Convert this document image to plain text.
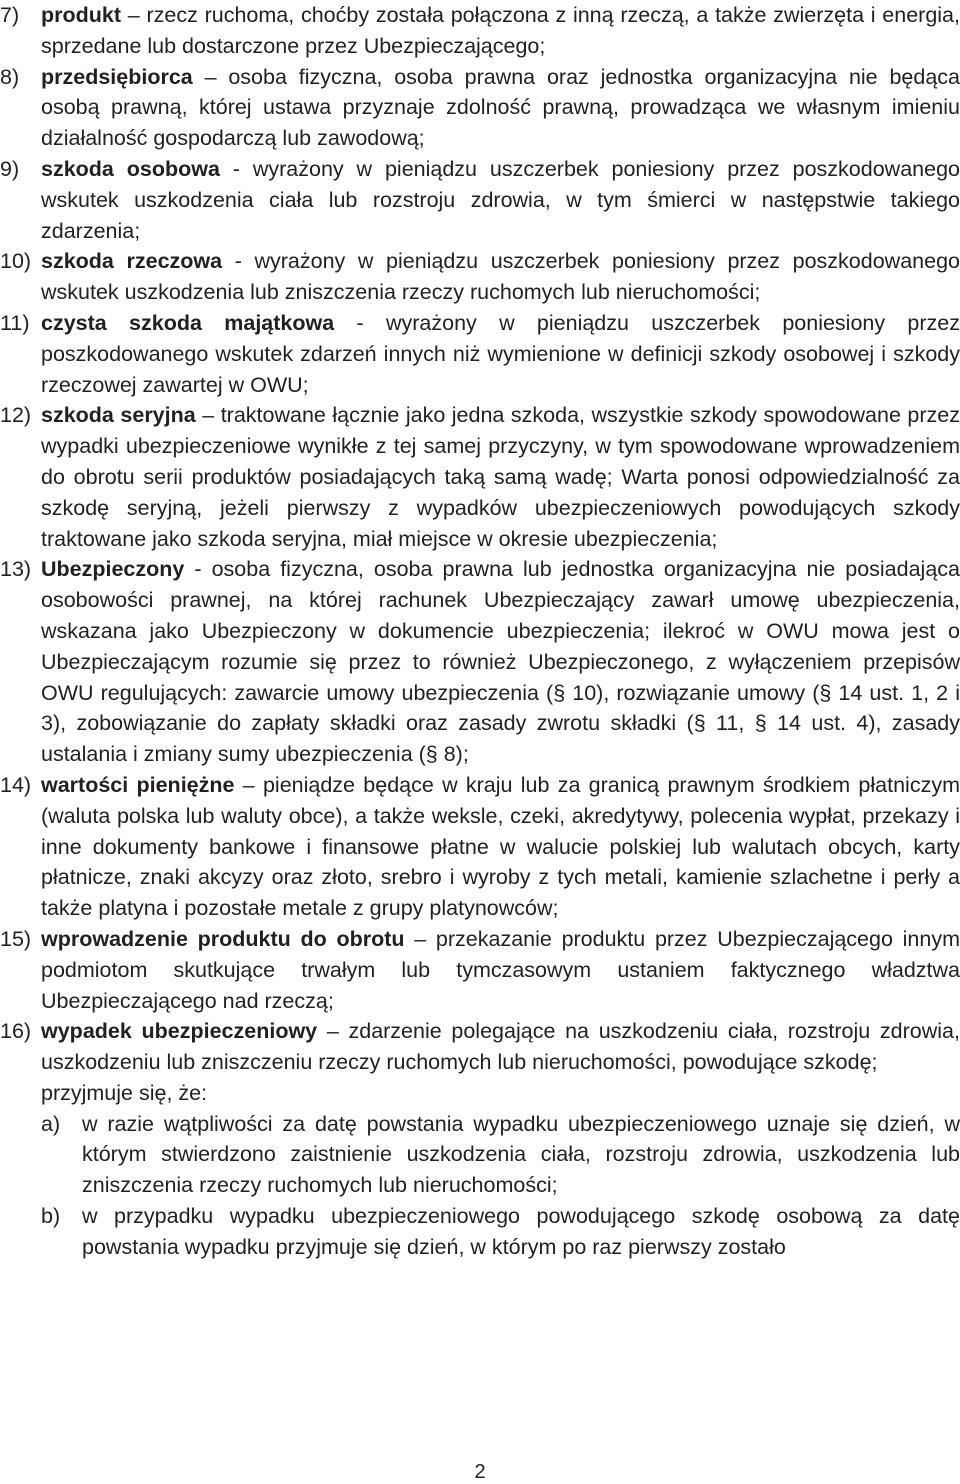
7) produkt – rzecz ruchoma, choćby została połączona z inną rzeczą, a także zwierzęta i energia, sprzedane lub dostarczone przez Ubezpieczającego;
8) przedsiębiorca – osoba fizyczna, osoba prawna oraz jednostka organizacyjna nie będąca osobą prawną, której ustawa przyznaje zdolność prawną, prowadząca we własnym imieniu działalność gospodarczą lub zawodową;
9) szkoda osobowa - wyrażony w pieniądzu uszczerbek poniesiony przez poszkodowanego wskutek uszkodzenia ciała lub rozstroju zdrowia, w tym śmierci w następstwie takiego zdarzenia;
10) szkoda rzeczowa - wyrażony w pieniądzu uszczerbek poniesiony przez poszkodowanego wskutek uszkodzenia lub zniszczenia rzeczy ruchomych lub nieruchomości;
11) czysta szkoda majątkowa - wyrażony w pieniądzu uszczerbek poniesiony przez poszkodowanego wskutek zdarzeń innych niż wymienione w definicji szkody osobowej i szkody rzeczowej zawartej w OWU;
12) szkoda seryjna – traktowane łącznie jako jedna szkoda, wszystkie szkody spowodowane przez wypadki ubezpieczeniowe wynikłe z tej samej przyczyny, w tym spowodowane wprowadzeniem do obrotu serii produktów posiadających taką samą wadę; Warta ponosi odpowiedzialność za szkodę seryjną, jeżeli pierwszy z wypadków ubezpieczeniowych powodujących szkody traktowane jako szkoda seryjna, miał miejsce w okresie ubezpieczenia;
13) Ubezpieczony - osoba fizyczna, osoba prawna lub jednostka organizacyjna nie posiadająca osobowości prawnej, na której rachunek Ubezpieczający zawarł umowę ubezpieczenia, wskazana jako Ubezpieczony w dokumencie ubezpieczenia; ilekroć w OWU mowa jest o Ubezpieczającym rozumie się przez to również Ubezpieczonego, z wyłączeniem przepisów OWU regulujących: zawarcie umowy ubezpieczenia (§ 10), rozwiązanie umowy (§ 14 ust. 1, 2 i 3), zobowiązanie do zapłaty składki oraz zasady zwrotu składki (§ 11, § 14 ust. 4), zasady ustalania i zmiany sumy ubezpieczenia (§ 8);
14) wartości pieniężne – pieniądze będące w kraju lub za granicą prawnym środkiem płatniczym (waluta polska lub waluty obce), a także weksle, czeki, akredytywy, polecenia wypłat, przekazy i inne dokumenty bankowe i finansowe płatne w walucie polskiej lub walutach obcych, karty płatnicze, znaki akcyzy oraz złoto, srebro i wyroby z tych metali, kamienie szlachetne i perły a także platyna i pozostałe metale z grupy platynowców;
15) wprowadzenie produktu do obrotu – przekazanie produktu przez Ubezpieczającego innym podmiotom skutkujące trwałym lub tymczasowym ustaniem faktycznego władztwa Ubezpieczającego nad rzeczą;
16) wypadek ubezpieczeniowy – zdarzenie polegające na uszkodzeniu ciała, rozstroju zdrowia, uszkodzeniu lub zniszczeniu rzeczy ruchomych lub nieruchomości, powodujące szkodę;
przyjmuje się, że:
a) w razie wątpliwości za datę powstania wypadku ubezpieczeniowego uznaje się dzień, w którym stwierdzono zaistnienie uszkodzenia ciała, rozstroju zdrowia, uszkodzenia lub zniszczenia rzeczy ruchomych lub nieruchomości;
b) w przypadku wypadku ubezpieczeniowego powodującego szkodę osobową za datę powstania wypadku przyjmuje się dzień, w którym po raz pierwszy zostało
2
